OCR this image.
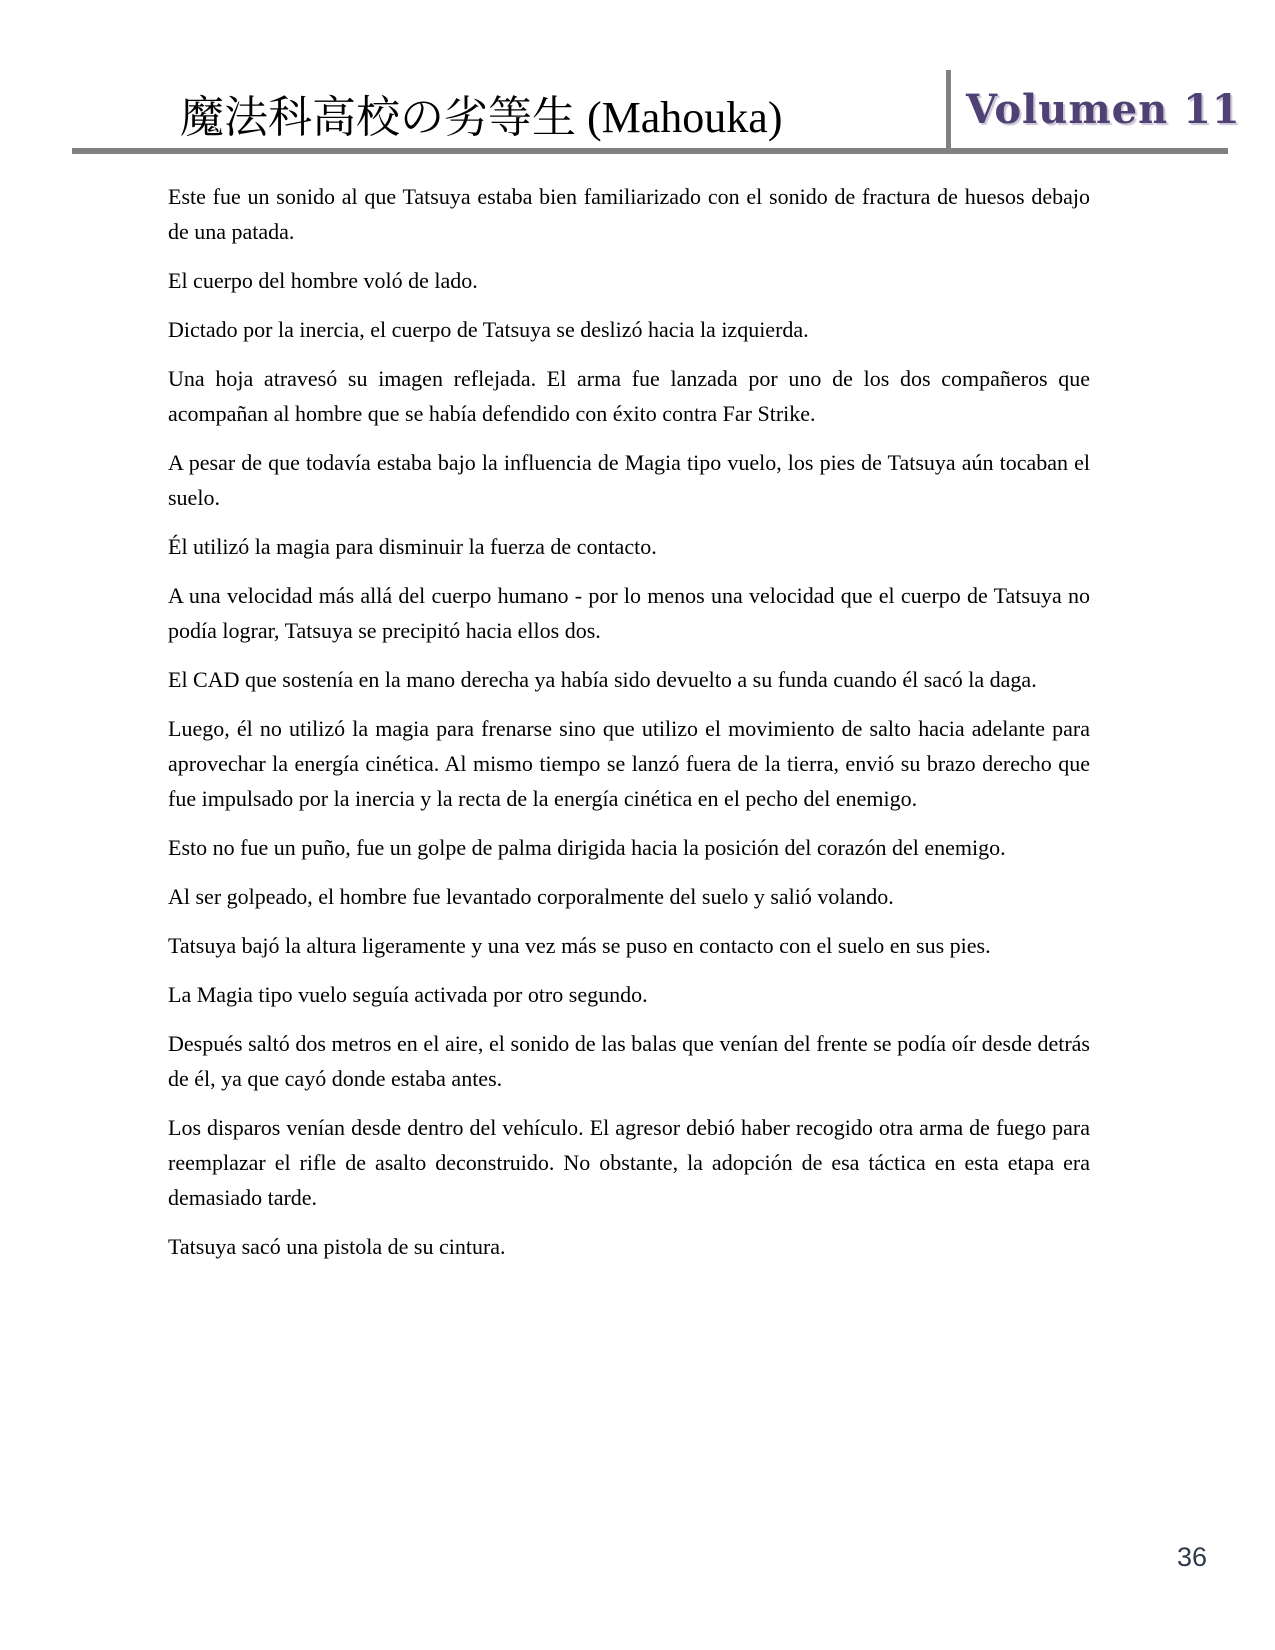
魔法科高校の劣等生 (Mahouka)	Volumen 11

Este fue un sonido al que Tatsuya estaba bien familiarizado con el sonido de fractura de huesos debajo de una patada.

El cuerpo del hombre voló de lado.

Dictado por la inercia, el cuerpo de Tatsuya se deslizó hacia la izquierda.

Una hoja atravesó su imagen reflejada. El arma fue lanzada por uno de los dos compañeros que acompañan al hombre que se había defendido con éxito contra Far Strike.

A pesar de que todavía estaba bajo la influencia de Magia tipo vuelo, los pies de Tatsuya aún tocaban el suelo.

Él utilizó la magia para disminuir la fuerza de contacto.

A una velocidad más allá del cuerpo humano - por lo menos una velocidad que el cuerpo de Tatsuya no podía lograr, Tatsuya se precipitó hacia ellos dos.

El CAD que sostenía en la mano derecha ya había sido devuelto a su funda cuando él sacó la daga.

Luego, él no utilizó la magia para frenarse sino que utilizo el movimiento de salto hacia adelante para aprovechar la energía cinética. Al mismo tiempo se lanzó fuera de la tierra, envió su brazo derecho que fue impulsado por la inercia y la recta de la energía cinética en el pecho del enemigo.

Esto no fue un puño, fue un golpe de palma dirigida hacia la posición del corazón del enemigo.

Al ser golpeado, el hombre fue levantado corporalmente del suelo y salió volando.

Tatsuya bajó la altura ligeramente y una vez más se puso en contacto con el suelo en sus pies.

La Magia tipo vuelo seguía activada por otro segundo.

Después saltó dos metros en el aire, el sonido de las balas que venían del frente se podía oír desde detrás de él, ya que cayó donde estaba antes.

Los disparos venían desde dentro del vehículo. El agresor debió haber recogido otra arma de fuego para reemplazar el rifle de asalto deconstruido. No obstante, la adopción de esa táctica en esta etapa era demasiado tarde.

Tatsuya sacó una pistola de su cintura.

36
